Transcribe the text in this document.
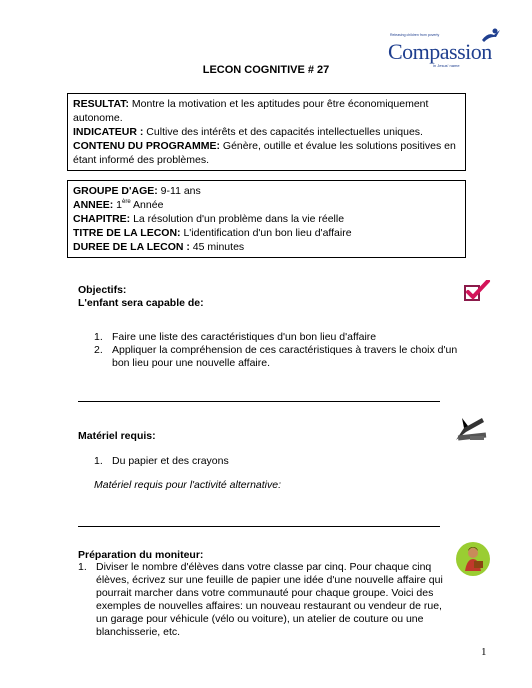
Releasing children from poverty
Compassion
in Jesus' name
LECON COGNITIVE # 27

RESULTAT: Montre la motivation et les aptitudes pour être économiquement autonome.

INDICATEUR : Cultive des intérêts et des capacités intellectuelles uniques.

CONTENU DU PROGRAMME: Génère, outille et évalue les solutions positives en étant informé des problèmes.

GROUPE D'AGE: 9-11 ans

ANNEE: 1ère Année

CHAPITRE: La résolution d'un problème dans la vie réelle

TITRE DE LA LECON: L'identification d'un bon lieu d'affaire

DUREE DE LA LECON : 45 minutes

Objectifs:
L'enfant sera capable de:
1. Faire une liste des caractéristiques d'un bon lieu d'affaire
2. Appliquer la compréhension de ces caractéristiques à travers le choix d'un bon lieu pour une nouvelle affaire.
Matériel requis:
1. Du papier et des crayons
Matériel requis pour l'activité alternative:
Préparation du moniteur:
1. Diviser le nombre d'élèves dans votre classe par cinq. Pour chaque cinq élèves, écrivez sur une feuille de papier une idée d'une nouvelle affaire qui pourrait marcher dans votre communauté pour chaque groupe. Voici des exemples de nouvelles affaires: un nouveau restaurant ou vendeur de rue, un garage pour véhicule (vélo ou voiture), un atelier de couture ou une blanchisserie, etc.
1
